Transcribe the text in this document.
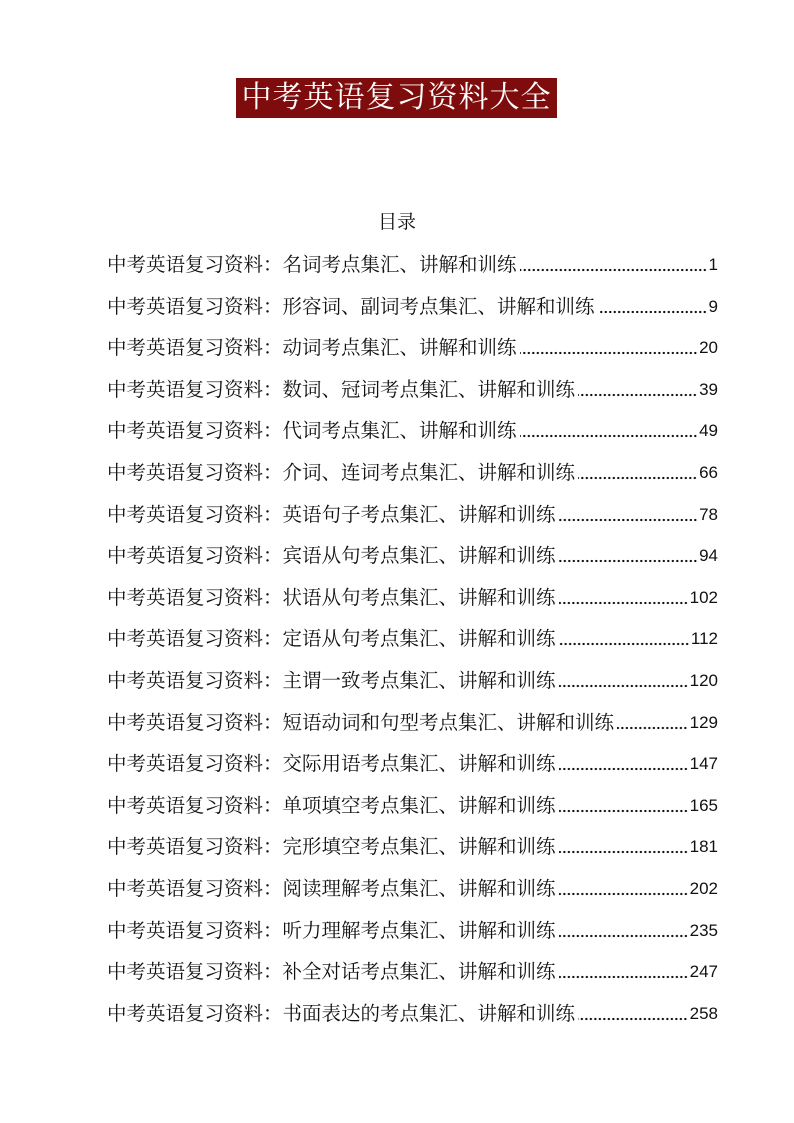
中考英语复习资料大全
目录
中考英语复习资料：名词考点集汇、讲解和训练	1
中考英语复习资料：形容词、副词考点集汇、讲解和训练	9
中考英语复习资料：动词考点集汇、讲解和训练	20
中考英语复习资料：数词、冠词考点集汇、讲解和训练	39
中考英语复习资料：代词考点集汇、讲解和训练	49
中考英语复习资料：介词、连词考点集汇、讲解和训练	66
中考英语复习资料：英语句子考点集汇、讲解和训练	78
中考英语复习资料：宾语从句考点集汇、讲解和训练	94
中考英语复习资料：状语从句考点集汇、讲解和训练	102
中考英语复习资料：定语从句考点集汇、讲解和训练	112
中考英语复习资料：主谓一致考点集汇、讲解和训练	120
中考英语复习资料：短语动词和句型考点集汇、讲解和训练	129
中考英语复习资料：交际用语考点集汇、讲解和训练	147
中考英语复习资料：单项填空考点集汇、讲解和训练	165
中考英语复习资料：完形填空考点集汇、讲解和训练	181
中考英语复习资料：阅读理解考点集汇、讲解和训练	202
中考英语复习资料：听力理解考点集汇、讲解和训练	235
中考英语复习资料：补全对话考点集汇、讲解和训练	247
中考英语复习资料：书面表达的考点集汇、讲解和训练	258
